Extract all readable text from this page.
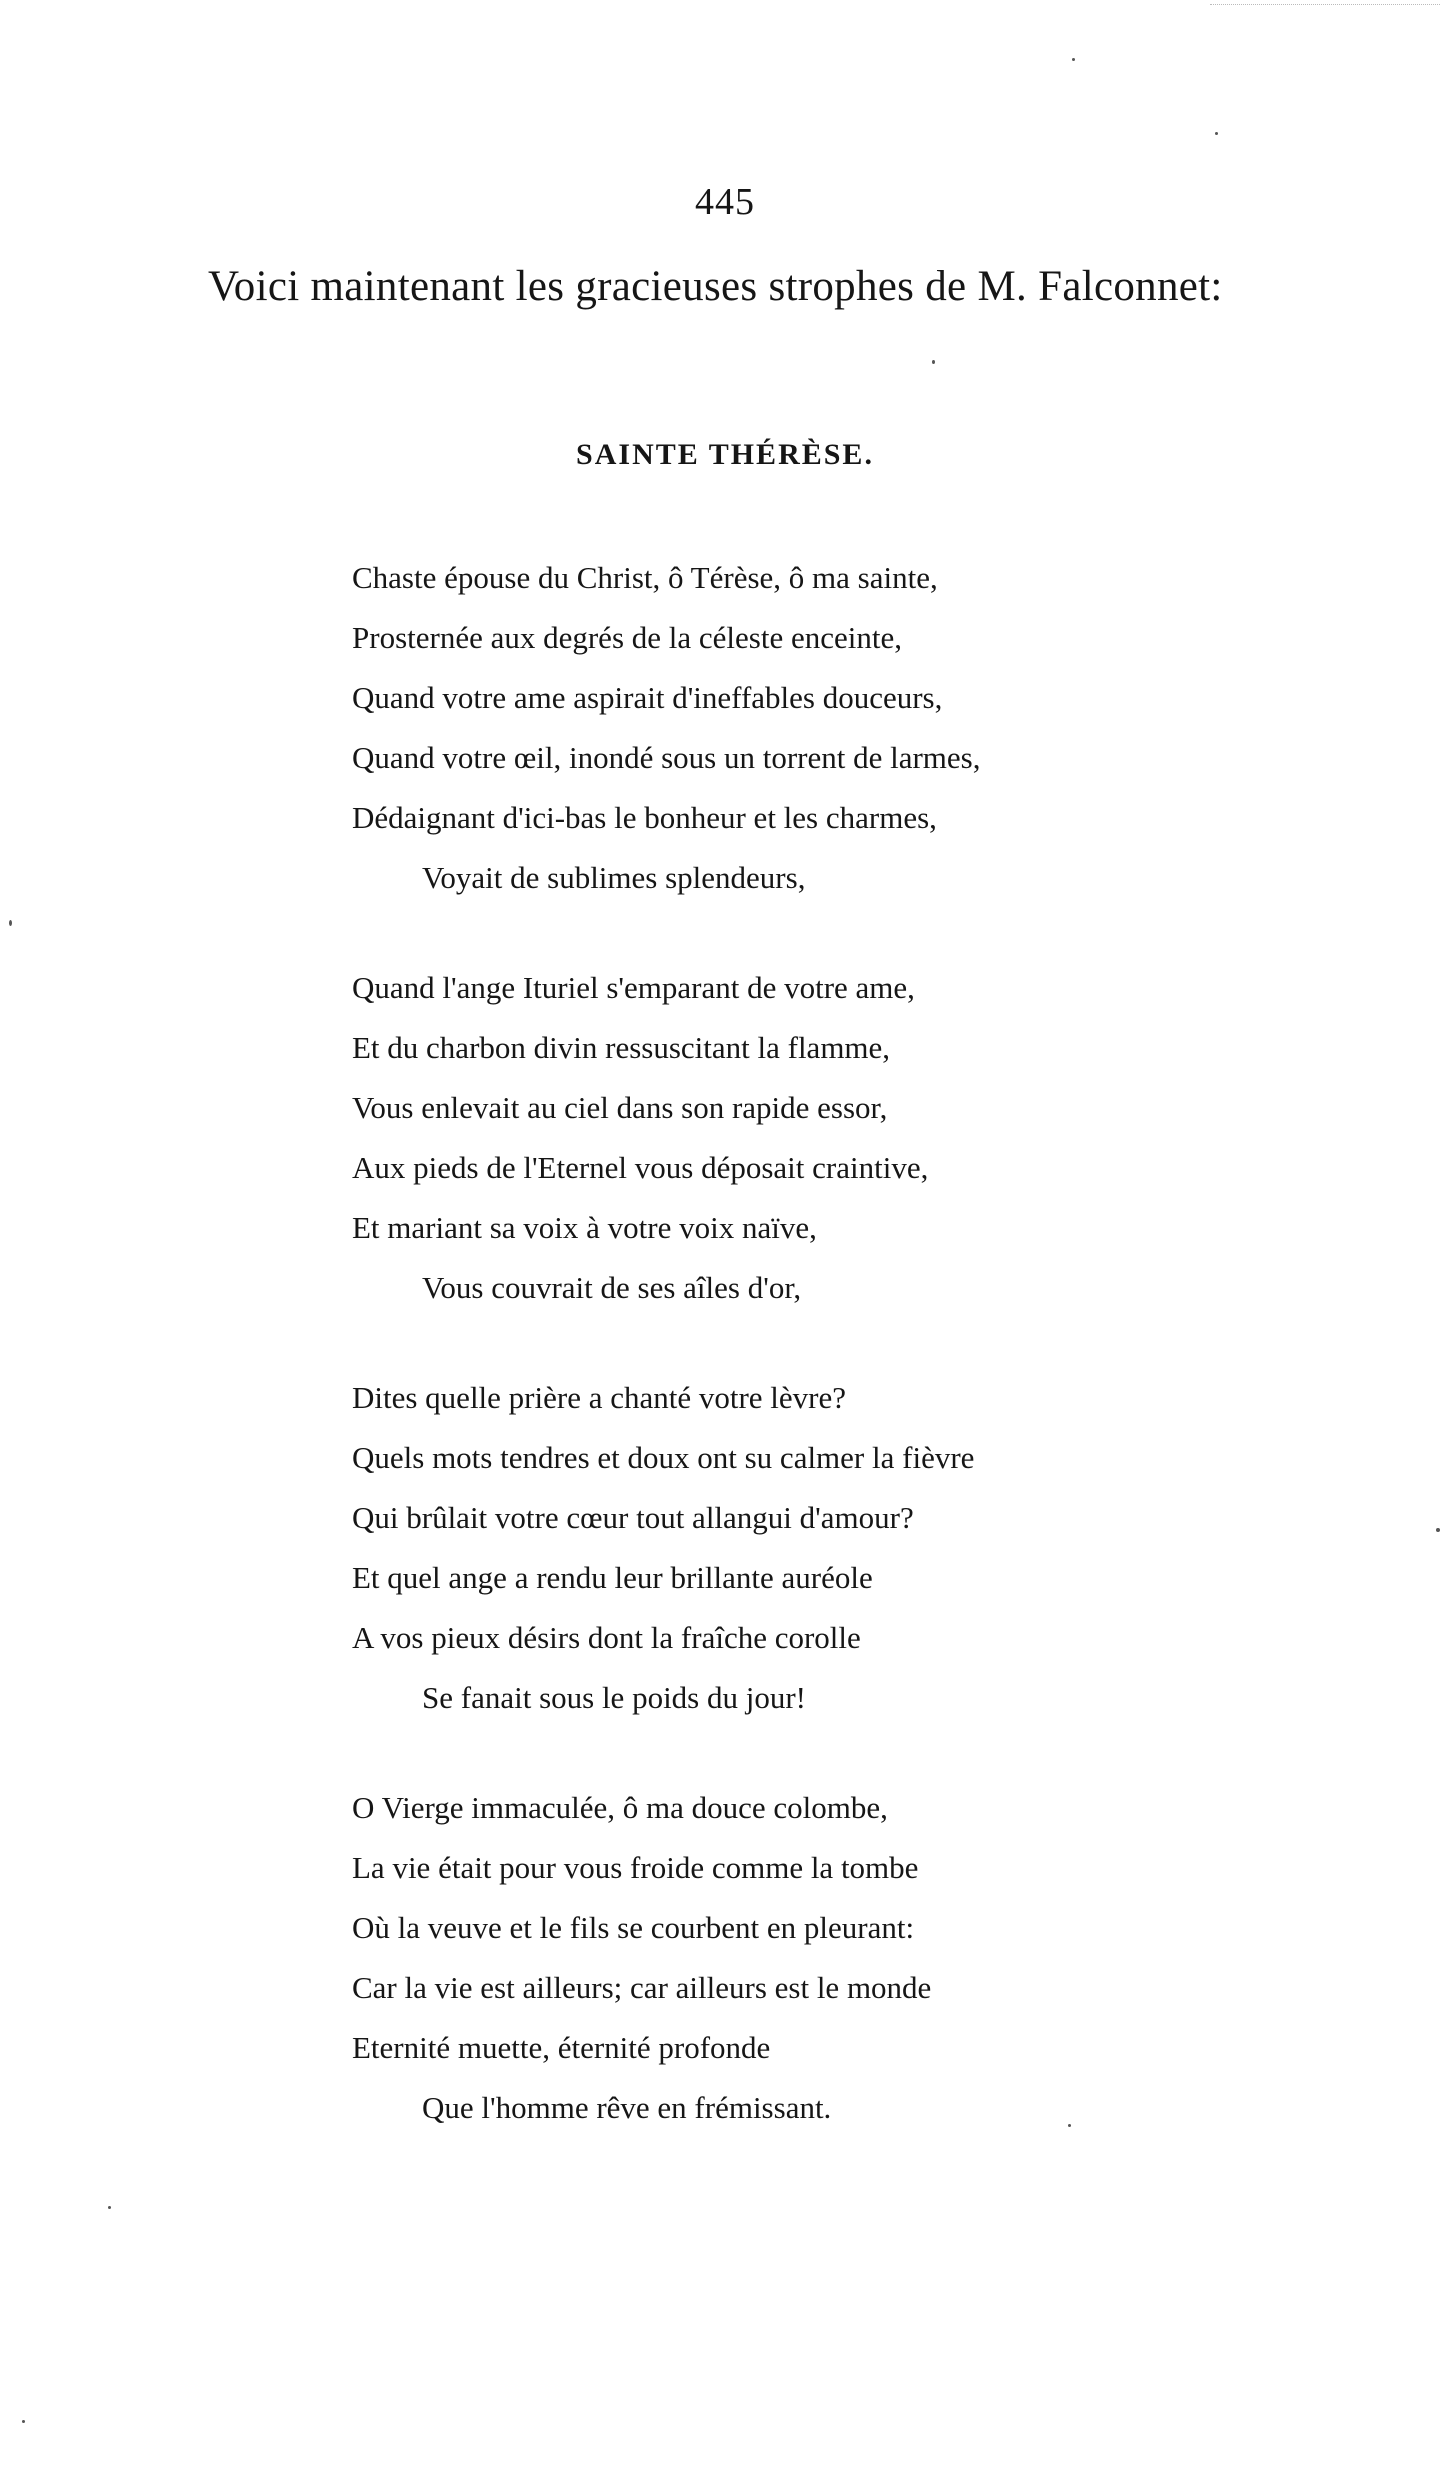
445
Voici maintenant les gracieuses strophes de M. Falconnet:
SAINTE THÉRÈSE.
Chaste épouse du Christ, ô Térèse, ô ma sainte,
Prosternée aux degrés de la céleste enceinte,
Quand votre ame aspirait d'ineffables douceurs,
Quand votre œil, inondé sous un torrent de larmes,
Dédaignant d'ici-bas le bonheur et les charmes,
Voyait de sublimes splendeurs,
Quand l'ange Ituriel s'emparant de votre ame,
Et du charbon divin ressuscitant la flamme,
Vous enlevait au ciel dans son rapide essor,
Aux pieds de l'Eternel vous déposait craintive,
Et mariant sa voix à votre voix naïve,
Vous couvrait de ses aîles d'or,
Dites quelle prière a chanté votre lèvre?
Quels mots tendres et doux ont su calmer la fièvre
Qui brûlait votre cœur tout allangui d'amour?
Et quel ange a rendu leur brillante auréole
A vos pieux désirs dont la fraîche corolle
Se fanait sous le poids du jour!
O Vierge immaculée, ô ma douce colombe,
La vie était pour vous froide comme la tombe
Où la veuve et le fils se courbent en pleurant:
Car la vie est ailleurs; car ailleurs est le monde
Eternité muette, éternité profonde
Que l'homme rêve en frémissant.
